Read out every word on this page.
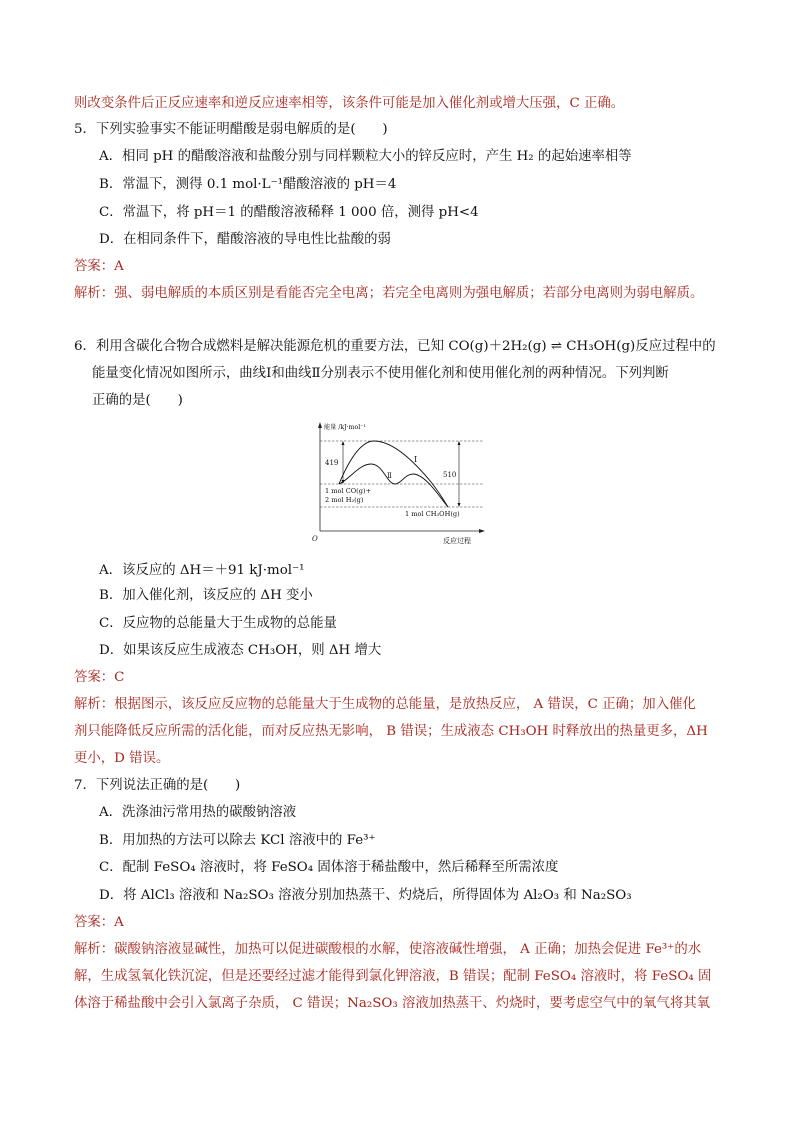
则改变条件后正反应速率和逆反应速率相等，该条件可能是加入催化剂或增大压强，C 正确。
5．下列实验事实不能证明醋酸是弱电解质的是(　　)
A．相同 pH 的醋酸溶液和盐酸分别与同样颗粒大小的锌反应时，产生 H₂ 的起始速率相等
B．常温下，测得 0.1 mol·L⁻¹醋酸溶液的 pH＝4
C．常温下，将 pH＝1 的醋酸溶液稀释 1 000 倍，测得 pH<4
D．在相同条件下，醋酸溶液的导电性比盐酸的弱
答案：A
解析：强、弱电解质的本质区别是看能否完全电离；若完全电离则为强电解质；若部分电离则为弱电解质。
6．利用含碳化合物合成燃料是解决能源危机的重要方法，已知 CO(g)＋2H₂(g) ⇌ CH₃OH(g)反应过程中的
能量变化情况如图所示，曲线Ⅰ和曲线Ⅱ分别表示不使用催化剂和使用催化剂的两种情况。下列判断
正确的是(　　)
能量 /kJ·mol⁻¹
反应过程
O
419
510
Ⅰ
Ⅱ
1 mol CO(g)+
2 mol H₂(g)
1 mol CH₃OH(g)
A．该反应的 ΔH＝＋91 kJ·mol⁻¹
B．加入催化剂，该反应的 ΔH 变小
C．反应物的总能量大于生成物的总能量
D．如果该反应生成液态 CH₃OH，则 ΔH 增大
答案：C
解析：根据图示，该反应反应物的总能量大于生成物的总能量，是放热反应， A 错误，C 正确；加入催化
剂只能降低反应所需的活化能，而对反应热无影响， B 错误；生成液态 CH₃OH 时释放出的热量更多，ΔH
更小，D 错误。
7．下列说法正确的是(　　)
A．洗涤油污常用热的碳酸钠溶液
B．用加热的方法可以除去 KCl 溶液中的 Fe³⁺
C．配制 FeSO₄ 溶液时，将 FeSO₄ 固体溶于稀盐酸中，然后稀释至所需浓度
D．将 AlCl₃ 溶液和 Na₂SO₃ 溶液分别加热蒸干、灼烧后，所得固体为 Al₂O₃ 和 Na₂SO₃
答案：A
解析：碳酸钠溶液显碱性，加热可以促进碳酸根的水解，使溶液碱性增强， A 正确；加热会促进 Fe³⁺的水
解，生成氢氧化铁沉淀，但是还要经过滤才能得到氯化钾溶液，B 错误；配制 FeSO₄ 溶液时，将 FeSO₄ 固
体溶于稀盐酸中会引入氯离子杂质， C 错误；Na₂SO₃ 溶液加热蒸干、灼烧时，要考虑空气中的氧气将其氧
